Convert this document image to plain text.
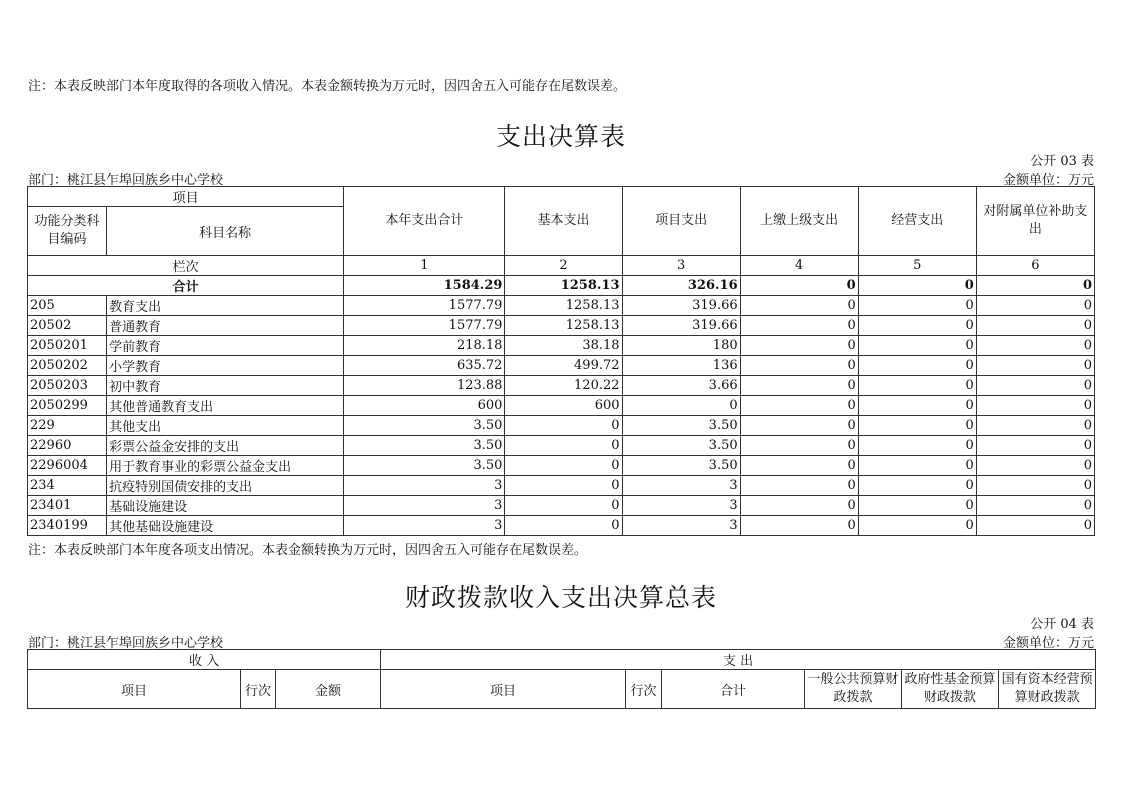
注：本表反映部门本年度取得的各项收入情况。本表金额转换为万元时，因四舍五入可能存在尾数误差。
支出决算表
公开 03 表
部门：桃江县乍埠回族乡中心学校	金额单位：万元
项目		本年支出合计	基本支出	项目支出	上缴上级支出	经营支出	对附属单位补助支出
功能分类科目编码	科目名称						
栏次		1	2	3	4	5	6
合计		1584.29	1258.13	326.16	0	0	0
205	教育支出	1577.79	1258.13	319.66	0	0	0
20502	普通教育	1577.79	1258.13	319.66	0	0	0
2050201	学前教育	218.18	38.18	180	0	0	0
2050202	小学教育	635.72	499.72	136	0	0	0
2050203	初中教育	123.88	120.22	3.66	0	0	0
2050299	其他普通教育支出	600	600	0	0	0	0
229	其他支出	3.50	0	3.50	0	0	0
22960	彩票公益金安排的支出	3.50	0	3.50	0	0	0
2296004	用于教育事业的彩票公益金支出	3.50	0	3.50	0	0	0
234	抗疫特别国债安排的支出	3	0	3	0	0	0
23401	基础设施建设	3	0	3	0	0	0
2340199	其他基础设施建设	3	0	3	0	0	0
注：本表反映部门本年度各项支出情况。本表金额转换为万元时，因四舍五入可能存在尾数误差。
财政拨款收入支出决算总表
公开 04 表
部门：桃江县乍埠回族乡中心学校	金额单位：万元
收 入			支 出					
项目	行次	金额	项目	行次	合计	一般公共预算财政拨款	政府性基金预算财政拨款	国有资本经营预算财政拨款
